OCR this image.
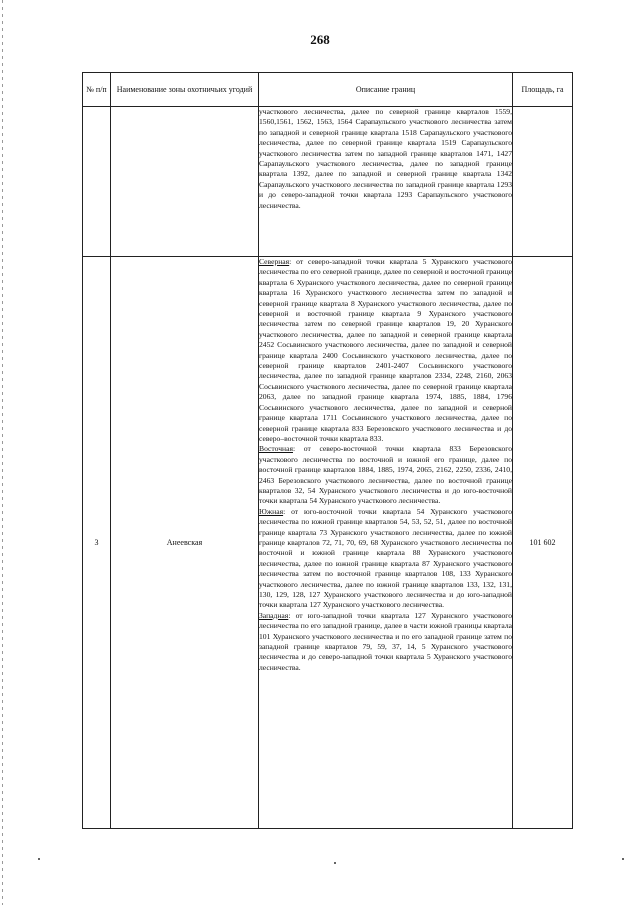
268
№ п/п	Наименование зоны охотничьих угодий	Описание границ	Площадь, га

		участкового лесничества, далее по северной границе кварталов 1559, 1560,1561, 1562, 1563, 1564 Сарапаульского участкового лесничества затем по западной и северной границе квартала 1518 Сарапаульского участкового лесничества, далее по северной границе квартала 1519 Сарапаульского участкового лесничества затем по западной границе кварталов 1471, 1427 Сарапаульского участкового лесничества, далее по западной границе квартала 1392, далее по западной и северной границе квартала 1342 Сарапаульского участкового лесничества по западной границе квартала 1293 и до северо-западной точки квартала 1293 Сарапаульского участкового лесничества.	

3	Анеевская	Северная: от северо-западной точки квартала 5 Хуранского участкового лесничества по его северной границе, далее по северной и восточной границе квартала 6 Хуранского участкового лесничества, далее по северной границе квартала 16 Хуранского участкового лесничества затем по западной и северной границе квартала 8 Хуранского участкового лесничества, далее по северной и восточной границе квартала 9 Хуранского участкового лесничества затем по северной границе кварталов 19, 20 Хуранского участкового лесничества, далее по западной и северной границе квартала 2452 Сосьвинского участкового лесничества, далее по западной и северной границе квартала 2400 Сосьвинского участкового лесничества, далее по северной границе кварталов 2401-2407 Сосьвинского участкового лесничества, далее по западной границе кварталов 2334, 2248, 2160, 2063 Сосьвинского участкового лесничества, далее по северной границе квартала 2063, далее по западной границе квартала 1974, 1885, 1884, 1796 Сосьвинского участкового лесничества, далее по западной и северной границе квартала 1711 Сосьвинского участкового лесничества, далее по северной границе квартала 833 Березовского участкового лесничества и до северо–восточной точки квартала 833.

Восточная: от северо-восточной точки квартала 833 Березовского участкового лесничества по восточной и южной его границе, далее по восточной границе кварталов 1884, 1885, 1974, 2065, 2162, 2250, 2336, 2410, 2463 Березовского участкового лесничества, далее по восточной границе кварталов 32, 54 Хуранского участкового лесничества и до юго-восточной точки квартала 54 Хуранского участкового лесничества.

Южная: от юго-восточной точки квартала 54 Хуранского участкового лесничества по южной границе кварталов 54, 53, 52, 51, далее по восточной границе квартала 73 Хуранского участкового лесничества, далее по южной границе кварталов 72, 71, 70, 69, 68 Хуранского участкового лесничества по восточной и южной границе квартала 88 Хуранского участкового лесничества, далее по южной границе квартала 87 Хуранского участкового лесничества затем по восточной границе кварталов 108, 133 Хуранского участкового лесничества, далее по южной границе кварталов 133, 132, 131, 130, 129, 128, 127 Хуранского участкового лесничества и до юго-западной точки квартала 127 Хуранского участкового лесничества.

Западная: от юго-западной точки квартала 127 Хуранского участкового лесничества по его западной границе, далее в части южной границы квартала 101 Хуранского участкового лесничества и по его западной границе затем по западной границе кварталов 79, 59, 37, 14, 5 Хуранского участкового лесничества и до северо-западной точки квартала 5 Хуранского участкового лесничества.	101 602
